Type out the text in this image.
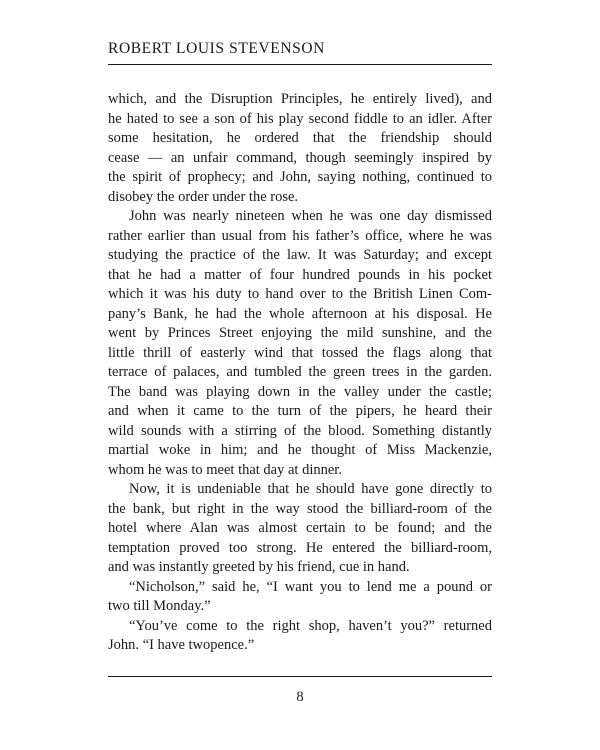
ROBERT LOUIS STEVENSON
which, and the Disruption Principles, he entirely lived), and
he hated to see a son of his play second fiddle to an idler. After
some hesitation, he ordered that the friendship should
cease — an unfair command, though seemingly inspired by
the spirit of prophecy; and John, saying nothing, continued to
disobey the order under the rose.
John was nearly nineteen when he was one day dismissed
rather earlier than usual from his father’s office, where he was
studying the practice of the law. It was Saturday; and except
that he had a matter of four hundred pounds in his pocket
which it was his duty to hand over to the British Linen Com-
pany’s Bank, he had the whole afternoon at his disposal. He
went by Princes Street enjoying the mild sunshine, and the
little thrill of easterly wind that tossed the flags along that
terrace of palaces, and tumbled the green trees in the garden.
The band was playing down in the valley under the castle;
and when it came to the turn of the pipers, he heard their
wild sounds with a stirring of the blood. Something distantly
martial woke in him; and he thought of Miss Mackenzie,
whom he was to meet that day at dinner.
Now, it is undeniable that he should have gone directly to
the bank, but right in the way stood the billiard-room of the
hotel where Alan was almost certain to be found; and the
temptation proved too strong. He entered the billiard-room,
and was instantly greeted by his friend, cue in hand.
“Nicholson,” said he, “I want you to lend me a pound or
two till Monday.”
“You’ve come to the right shop, haven’t you?” returned
John. “I have twopence.”
8
